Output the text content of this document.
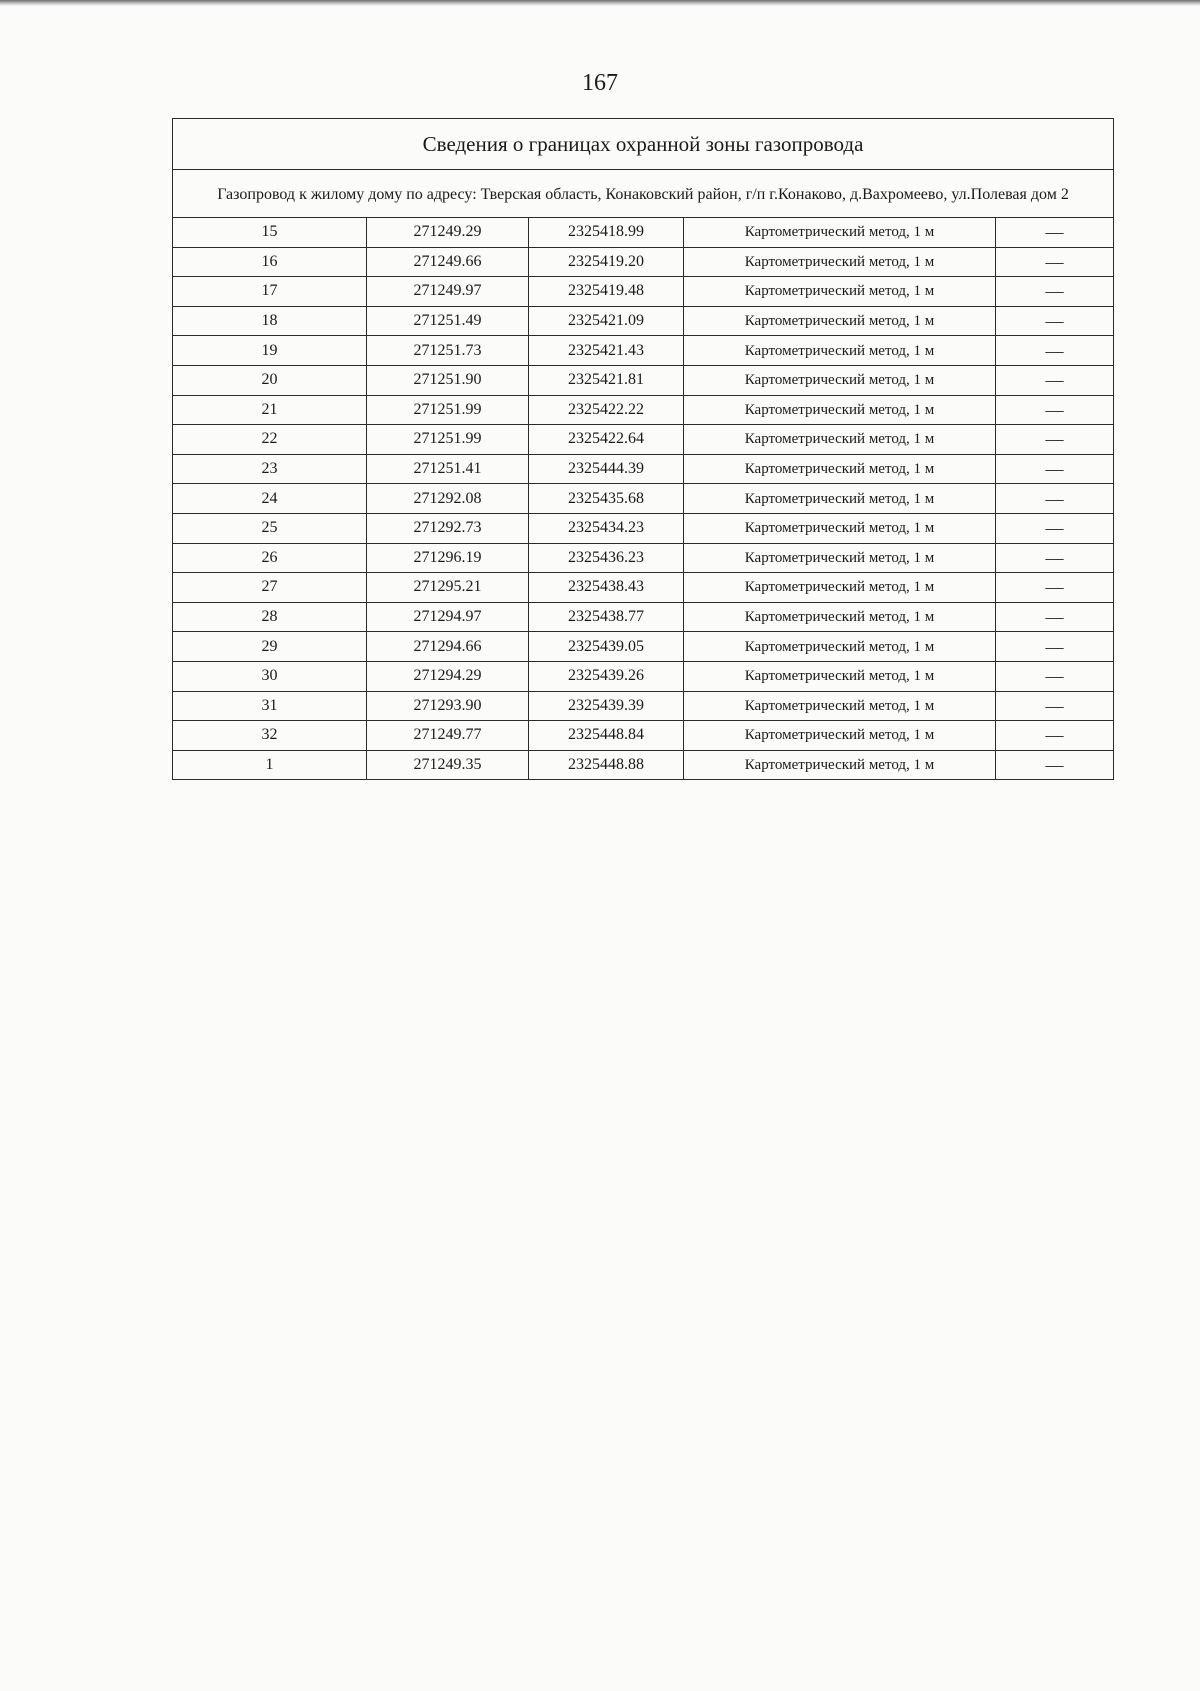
167
Сведения о границах охранной зоны газопровода				
Газопровод к жилому дому по адресу: Тверская область, Конаковский район, г/п г.Конаково, д.Вахромеево, ул.Полевая дом 2				
15	271249.29	2325418.99	Картометрический метод, 1 м	—
16	271249.66	2325419.20	Картометрический метод, 1 м	—
17	271249.97	2325419.48	Картометрический метод, 1 м	—
18	271251.49	2325421.09	Картометрический метод, 1 м	—
19	271251.73	2325421.43	Картометрический метод, 1 м	—
20	271251.90	2325421.81	Картометрический метод, 1 м	—
21	271251.99	2325422.22	Картометрический метод, 1 м	—
22	271251.99	2325422.64	Картометрический метод, 1 м	—
23	271251.41	2325444.39	Картометрический метод, 1 м	—
24	271292.08	2325435.68	Картометрический метод, 1 м	—
25	271292.73	2325434.23	Картометрический метод, 1 м	—
26	271296.19	2325436.23	Картометрический метод, 1 м	—
27	271295.21	2325438.43	Картометрический метод, 1 м	—
28	271294.97	2325438.77	Картометрический метод, 1 м	—
29	271294.66	2325439.05	Картометрический метод, 1 м	—
30	271294.29	2325439.26	Картометрический метод, 1 м	—
31	271293.90	2325439.39	Картометрический метод, 1 м	—
32	271249.77	2325448.84	Картометрический метод, 1 м	—
1	271249.35	2325448.88	Картометрический метод, 1 м	—
